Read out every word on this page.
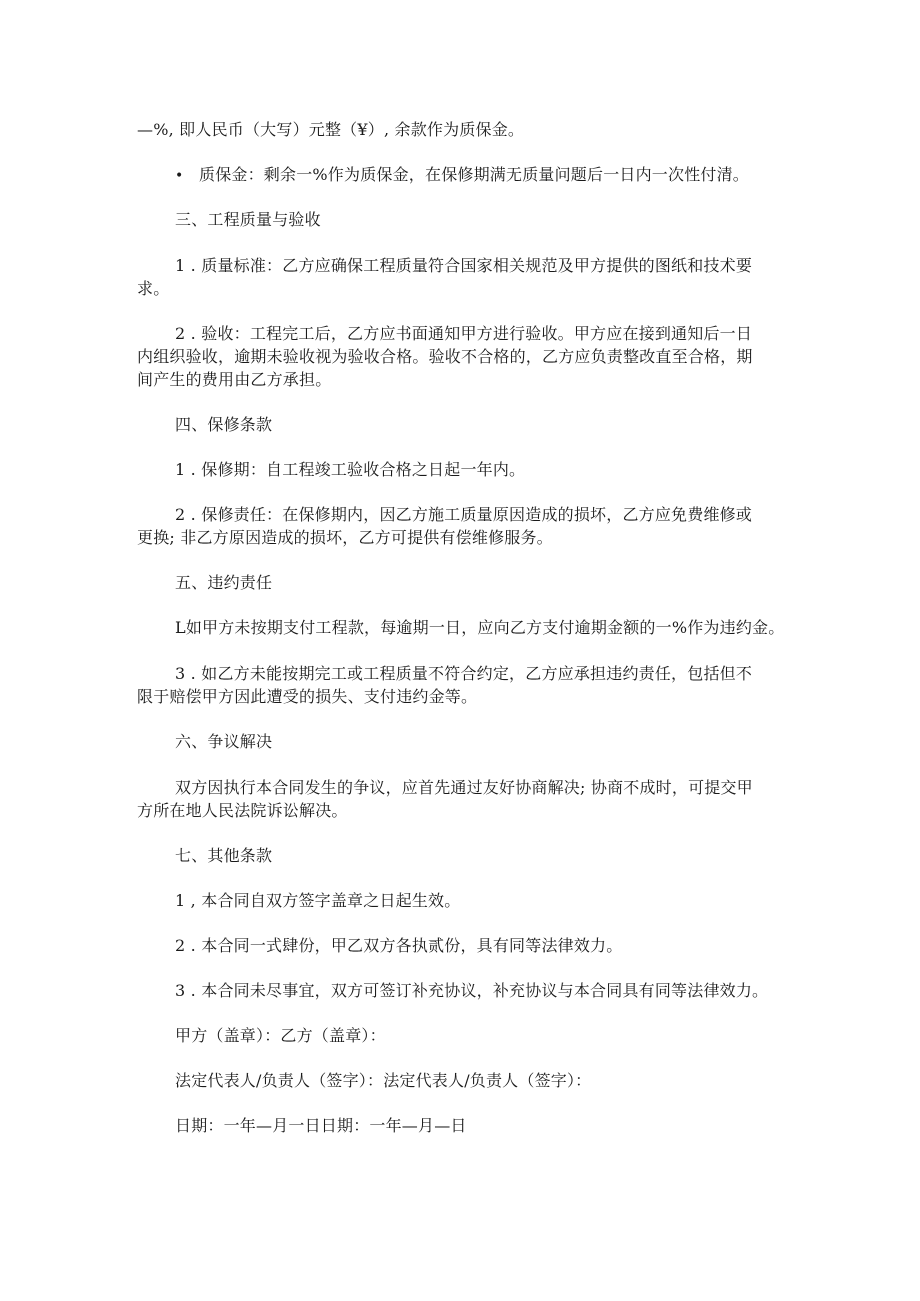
—%, 即人民币（大写）元整（¥）, 余款作为质保金。
• 质保金：剩余一%作为质保金，在保修期满无质量问题后一日内一次性付清。
三、工程质量与验收
1 . 质量标准：乙方应确保工程质量符合国家相关规范及甲方提供的图纸和技术要
求。
2 . 验收：工程完工后，乙方应书面通知甲方进行验收。甲方应在接到通知后一日
内组织验收，逾期未验收视为验收合格。验收不合格的，乙方应负责整改直至合格，期
间产生的费用由乙方承担。
四、保修条款
1 . 保修期：自工程竣工验收合格之日起一年内。
2 . 保修责任：在保修期内，因乙方施工质量原因造成的损坏，乙方应免费维修或
更换; 非乙方原因造成的损坏，乙方可提供有偿维修服务。
五、违约责任
L如甲方未按期支付工程款，每逾期一日，应向乙方支付逾期金额的一%作为违约金。
3 . 如乙方未能按期完工或工程质量不符合约定，乙方应承担违约责任，包括但不
限于赔偿甲方因此遭受的损失、支付违约金等。
六、争议解决
双方因执行本合同发生的争议，应首先通过友好协商解决; 协商不成时，可提交甲
方所在地人民法院诉讼解决。
七、其他条款
1 , 本合同自双方签字盖章之日起生效。
2 . 本合同一式肆份，甲乙双方各执贰份，具有同等法律效力。
3 . 本合同未尽事宜，双方可签订补充协议，补充协议与本合同具有同等法律效力。
甲方（盖章）：乙方（盖章）：
法定代表人/负责人（签字）：法定代表人/负责人（签字）：
日期：一年—月一日日期：一年—月—日
